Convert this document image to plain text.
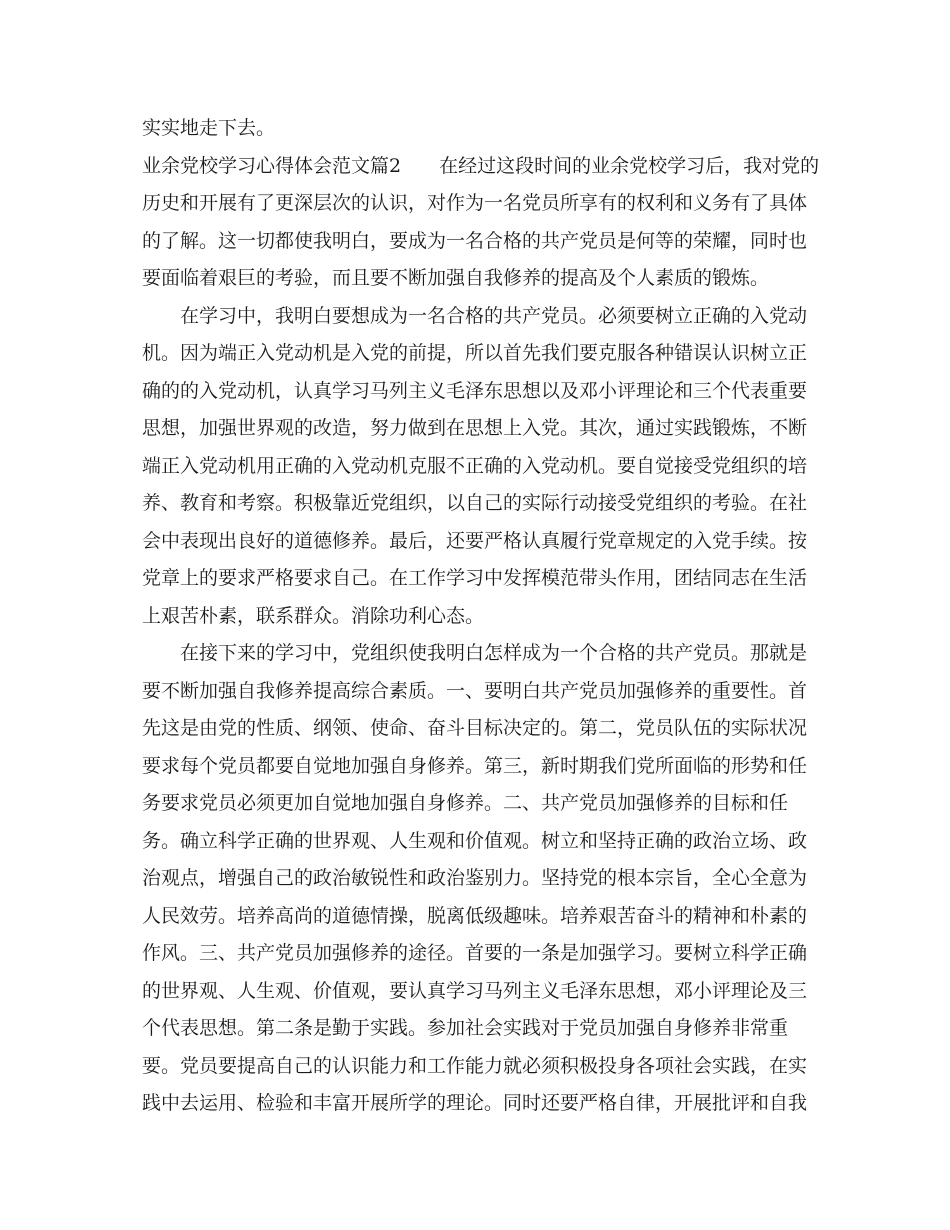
实实地走下去。
业余党校学习心得体会范文篇2　　在经过这段时间的业余党校学习后，我对党的
历史和开展有了更深层次的认识，对作为一名党员所享有的权利和义务有了具体
的了解。这一切都使我明白，要成为一名合格的共产党员是何等的荣耀，同时也
要面临着艰巨的考验，而且要不断加强自我修养的提高及个人素质的锻炼。
在学习中，我明白要想成为一名合格的共产党员。必须要树立正确的入党动
机。因为端正入党动机是入党的前提，所以首先我们要克服各种错误认识树立正
确的的入党动机，认真学习马列主义毛泽东思想以及邓小评理论和三个代表重要
思想，加强世界观的改造，努力做到在思想上入党。其次，通过实践锻炼，不断
端正入党动机用正确的入党动机克服不正确的入党动机。要自觉接受党组织的培
养、教育和考察。积极靠近党组织，以自己的实际行动接受党组织的考验。在社
会中表现出良好的道德修养。最后，还要严格认真履行党章规定的入党手续。按
党章上的要求严格要求自己。在工作学习中发挥模范带头作用，团结同志在生活
上艰苦朴素，联系群众。消除功利心态。
在接下来的学习中，党组织使我明白怎样成为一个合格的共产党员。那就是
要不断加强自我修养提高综合素质。一、要明白共产党员加强修养的重要性。首
先这是由党的性质、纲领、使命、奋斗目标决定的。第二，党员队伍的实际状况
要求每个党员都要自觉地加强自身修养。第三，新时期我们党所面临的形势和任
务要求党员必须更加自觉地加强自身修养。二、共产党员加强修养的目标和任
务。确立科学正确的世界观、人生观和价值观。树立和坚持正确的政治立场、政
治观点，增强自己的政治敏锐性和政治鉴别力。坚持党的根本宗旨，全心全意为
人民效劳。培养高尚的道德情操，脱离低级趣味。培养艰苦奋斗的精神和朴素的
作风。三、共产党员加强修养的途径。首要的一条是加强学习。要树立科学正确
的世界观、人生观、价值观，要认真学习马列主义毛泽东思想，邓小评理论及三
个代表思想。第二条是勤于实践。参加社会实践对于党员加强自身修养非常重
要。党员要提高自己的认识能力和工作能力就必须积极投身各项社会实践，在实
践中去运用、检验和丰富开展所学的理论。同时还要严格自律，开展批评和自我
